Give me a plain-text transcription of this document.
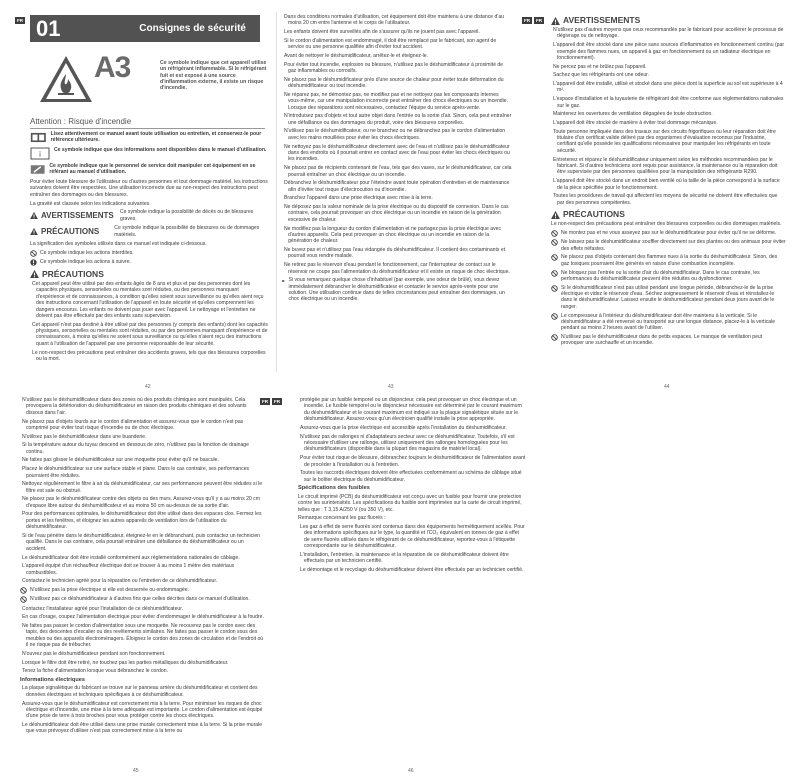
FR 01	Consignes de sécurité
A3	Ce symbole indique que cet appareil utilise un réfrigérant inflammable. Si le réfrigérant fuit et est exposé à une source d'inflammation externe, il existe un risque d'incendie.
Attention : Risque d'incendie
Lisez attentivement ce manuel avant toute utilisation ou entretien, et conservez-le pour référence ultérieure.
i	Ce symbole indique que des informations sont disponibles dans le manuel d'utilisation.
Ce symbole indique que le personnel de service doit manipuler cet équipement en se référant au manuel d'utilisation.

Pour éviter toute blessure de l'utilisateur ou d'autres personnes et tout dommage matériel, les instructions suivantes doivent être respectées. Une utilisation incorrecte due au non-respect des instructions peut entraîner des dommages ou des blessures.

La gravité est classée selon les indications suivantes.

AVERTISSEMENTS Ce symbole indique la possibilité de décès ou de blessures graves.
PRÉCAUTIONS	Ce symbole indique la possibilité de blessures ou de dommages matériels.

La signification des symboles utilisés dans ce manuel est indiquée ci-dessous.

Ce symbole indique les actions interdites.
Ce symbole indique les actions à suivre.
PRÉCAUTIONS

Cet appareil peut être utilisé par des enfants âgés de 8 ans et plus et par des personnes dont les capacités physiques, sensorielles ou mentales sont réduites, ou des personnes manquant d'expérience et de connaissances, à condition qu'elles soient sous surveillance ou qu'elles aient reçu des instructions concernant l'utilisation de l'appareil en toute sécurité et qu'elles comprennent les dangers encourus. Les enfants ne doivent pas jouer avec l'appareil. Le nettoyage et l'entretien ne doivent pas être effectués par des enfants sans supervision.

Cet appareil n'est pas destiné à être utilisé par des personnes (y compris des enfants) dont les capacités physiques, sensorielles ou mentales sont réduites, ou par des personnes manquant d'expérience et de connaissances, à moins qu'elles ne soient sous surveillance ou qu'elles n'aient reçu des instructions quant à l'utilisation de l'appareil par une personne responsable de leur sécurité.

Le non-respect des précautions peut entraîner des accidents graves, tels que des blessures corporelles ou la mort.

42

Dans des conditions normales d'utilisation, cet équipement doit être maintenu à une distance d'au moins 20 cm entre l'antenne et le corps de l'utilisateur.

Les enfants doivent être surveillés afin de s'assurer qu'ils ne jouent pas avec l'appareil.

Si le cordon d'alimentation est endommagé, il doit être remplacé par le fabricant, son agent de service ou une personne qualifiée afin d'éviter tout accident.

Avant de nettoyer le déshumidificateur, arrêtez-le et éteignez-le.

Pour éviter tout incendie, explosion ou blessure, n'utilisez pas le déshumidificateur à proximité de gaz inflammables ou corrosifs.

Ne placez pas le déshumidificateur près d'une source de chaleur pour éviter toute déformation du déshumidificateur ou tout incendie.

Ne réparez pas, ne démontez pas, ne modifiez pas et ne nettoyez pas les composants internes vous-même, car une manipulation incorrecte peut entraîner des chocs électriques ou un incendie. Lorsque des réparations sont nécessaires, contactez l'équipe du service après-vente.

N'introduisez pas d'objets et tout autre objet dans l'entrée ou la sortie d'air. Sinon, cela peut entraîner une défaillance ou des dommages du produit, voire des blessures corporelles.

N'utilisez pas le déshumidificateur, ou ne branchez ou ne débranchez pas le cordon d'alimentation avec les mains mouillées pour éviter les chocs électriques.

Ne nettoyez pas le déshumidificateur directement avec de l'eau et n'utilisez pas le déshumidificateur dans des endroits où il pourrait entrer en contact avec de l'eau pour éviter les chocs électriques ou les incendies.

Ne placez pas de récipients contenant de l'eau, tels que des vases, sur le déshumidificateur, car cela pourrait entraîner un choc électrique ou un incendie.

Débranchez le déshumidificateur pour l'éteindre avant toute opération d'entretien et de maintenance afin d'éviter tout risque d'électrocution ou d'incendie.

Branchez l'appareil dans une prise électrique avec mise à la terre.

Ne déposez pas la valeur nominale de la prise électrique ou du dispositif de connexion. Dans le cas contraire, cela pourrait provoquer un choc électrique ou un incendie en raison de la génération excessive de chaleur.

Ne modifiez pas la longueur du cordon d'alimentation et ne partagez pas la prise électrique avec d'autres appareils. Cela peut provoquer un choc électrique ou un incendie en raison de la génération de chaleur.

Ne buvez pas et n'utilisez pas l'eau vidangée du déshumidificateur. Il contient des contaminants et pourrait vous rendre malade.

Ne retirez pas le réservoir d'eau pendant le fonctionnement, car l'interrupteur de contact sur le réservoir ne coupe pas l'alimentation du déshumidificateur et il existe un risque de choc électrique.

Si vous remarquez quelque chose d'inhabituel (par exemple, une odeur de brûlé), vous devez immédiatement débrancher le déshumidificateur et contacter le service après-vente pour une solution. Une utilisation continue dans de telles circonstances peut entraîner des dommages, un choc électrique ou un incendie.
43
FR	FR AVERTISSEMENTS

N'utilisez pas d'autres moyens que ceux recommandés par le fabricant pour accélérer le processus de dégivrage ou de nettoyage.

L'appareil doit être stocké dans une pièce sans sources d'inflammation en fonctionnement continu (par exemple des flammes nues, un appareil à gaz en fonctionnement ou un radiateur électrique en fonctionnement).

Ne percez pas et ne brûlez pas l'appareil.

Sachez que les réfrigérants ont une odeur.

L'appareil doit être installé, utilisé et stocké dans une pièce dont la superficie au sol est supérieure à 4 m².

L'espace d'installation et la tuyauterie de réfrigérant doit être conforme aux réglementations nationales sur le gaz.

Maintenez les ouvertures de ventilation dégagées de toute obstruction.

L'appareil doit être stocké de manière à éviter tout dommage mécanique.

Toute personne impliquée dans des travaux sur des circuits frigorifiques ou leur réparation doit être titulaire d'un certificat valide délivré par des organismes d'évaluation reconnus par l'industrie, certifiant qu'elle possède les qualifications nécessaires pour manipuler les réfrigérants en toute sécurité.

Entretenez et réparez le déshumidificateur uniquement selon les méthodes recommandées par le fabricant. Si d'autres techniciens sont requis pour assistance, la maintenance ou la réparation doit être supervisée par des personnes qualifiées pour la manipulation des réfrigérants R290.

L'appareil doit être stocké dans un endroit bien ventilé où la taille de la pièce correspond à la surface de la pièce spécifiée pour le fonctionnement.

Toutes les procédures de travail qui affectent les moyens de sécurité ne doivent être effectuées que par des personnes compétentes.

PRÉCAUTIONS

Le non-respect des précautions peut entraîner des blessures corporelles ou des dommages matériels.

Ne montez pas et ne vous asseyez pas sur le déshumidificateur pour éviter qu'il ne se déforme.

Ne laissez pas le déshumidificateur souffler directement sur des plantes ou des animaux pour éviter des effets néfastes.

Ne placez pas d'objets contenant des flammes nues à la sortie du déshumidificateur. Sinon, des gaz toxiques pourraient être générés en raison d'une combustion incomplète.

Ne bloquez pas l'entrée ou la sortie d'air du déshumidificateur. Dans le cas contraire, les performances du déshumidificateur peuvent être réduites ou dysfonctionner.

Si le déshumidificateur n'est pas utilisé pendant une longue période, débranchez-le de la prise électrique et videz le réservoir d'eau. Séchez soigneusement le réservoir d'eau et réinstallez-le dans le déshumidificateur. Laissez ensuite le déshumidificateur pendant deux jours avant de le ranger.

Le compresseur à l'intérieur du déshumidificateur doit être maintenu à la verticale. Si le déshumidificateur a été renversé ou transporté sur une longue distance, placez-le à la verticale pendant au moins 2 heures avant de l'utiliser.

N'utilisez pas le déshumidificateur dans de petits espaces. Le manque de ventilation peut provoquer une surchauffe et un incendie.

44

N'utilisez pas le déshumidificateur dans des zones où des produits chimiques sont manipulés. Cela provoquera la détérioration du déshumidificateur en raison des produits chimiques et des solvants dissous dans l'air.

Ne placez pas d'objets lourds sur le cordon d'alimentation et assurez-vous que le cordon n'est pas comprimé pour éviter tout risque d'incendie ou de choc électrique.

N'utilisez pas le déshumidificateur dans une buanderie.

Si la température autour du tuyau descend en dessous de zéro, n'utilisez pas la fonction de drainage continu.

Ne faites pas glisser le déshumidificateur sur une moquette pour éviter qu'il ne bascule.

Placez le déshumidificateur sur une surface stable et plane. Dans le cas contraire, ses performances pourraient être réduites.

Nettoyez régulièrement le filtre à air du déshumidificateur, car ses performances peuvent être réduites si le filtre est sale ou obstrué.

Ne placez pas le déshumidificateur contre des objets ou des murs. Assurez-vous qu'il y a au moins 20 cm d'espace libre autour du déshumidificateur et au moins 50 cm au-dessus de sa sortie d'air.

Pour des performances optimales, le déshumidificateur doit être utilisé dans des espaces clos. Fermez les portes et les fenêtres, et éloignez les autres appareils de ventilation lors de l'utilisation du déshumidificateur.

Si de l'eau pénètre dans le déshumidificateur, éteignez-le en le débranchant, puis contactez un technicien qualifié. Dans le cas contraire, cela pourrait entraîner une défaillance du déshumidificateur ou un accident.

Le déshumidificateur doit être installé conformément aux réglementations nationales de câblage.

L'appareil équipé d'un réchauffeur électrique doit se trouver à au moins 1 mètre des matériaux combustibles.

Contactez le technicien agréé pour la réparation ou l'entretien de ce déshumidificateur.

N'utilisez pas la prise électrique si elle est desserrée ou endommagée.

N'utilisez pas ce déshumidificateur à d'autres fins que celles décrites dans ce manuel d'utilisation.

Contactez l'installateur agréé pour l'installation de ce déshumidificateur.

En cas d'orage, coupez l'alimentation électrique pour éviter d'endommager le déshumidificateur à la foudre.

Ne faites pas passer le cordon d'alimentation sous une moquette. Ne recouvrez pas le cordon avec des tapis, des descentes d'escalier ou des revêtements similaires. Ne faites pas passer le cordon sous des meubles ou des appareils électroménagers. Éloignez le cordon des zones de circulation et de l'endroit où il ne risque pas de trébucher.

N'ouvrez pas le déshumidificateur pendant son fonctionnement.

Lorsque le filtre doit être retiré, ne touchez pas les parties métalliques du déshumidificateur.

Tenez la fiche d'alimentation lorsque vous débranchez le cordon.

Informations électriques

La plaque signalétique du fabricant se trouve sur le panneau arrière du déshumidificateur et contient des données électriques et techniques spécifiques à ce déshumidificateur.

Assurez-vous que le déshumidificateur est correctement mis à la terre. Pour minimiser les risques de choc électrique et d'incendie, une mise à la terre adéquate est importante. Le cordon d'alimentation est équipé d'une prise de terre à trois broches pour vous protéger contre les chocs électriques.

Le déshumidificateur doit être utilisé dans une prise murale correctement mise à la terre. Si la prise murale que vous prévoyez d'utiliser n'est pas correctement mise à la terre ou

45
FR	FR	protégée par un fusible temporel ou un disjoncteur, cela peut provoquer un choc électrique et un incendie. Le fusible temporel ou le disjoncteur nécessaire est déterminé par le courant maximum du déshumidificateur et le courant maximum est indiqué sur la plaque signalétique située sur le déshumidificateur. Assurez-vous qu'un électricien qualifié installe la prise appropriée.

Assurez-vous que la prise électrique est accessible après l'installation du déshumidificateur.

N'utilisez pas de rallonges ni d'adaptateurs secteur avec ce déshumidificateur. Toutefois, s'il est nécessaire d'utiliser une rallonge, utilisez uniquement des rallonges homologuées pour les déshumidificateurs (disponible dans la plupart des magasins de matériel local).

Pour éviter tout risque de blessure, débranchez toujours le déshumidificateur de l'alimentation avant de procéder à l'installation ou à l'entretien.

Toutes les raccords électriques doivent être effectuées conformément au schéma de câblage situé sur le boîtier électrique du déshumidificateur.

Spécifications des fusibles

Le circuit imprimé (PCB) du déshumidificateur est conçu avec un fusible pour fournir une protection contre les surintensités. Les spécifications du fusible sont imprimées sur la carte de circuit imprimé, telles que : T 3,15 A/250 V (ou 350 V), etc.

Remarque concernant les gaz fluorés :

Les gaz à effet de serre fluorés sont contenus dans des équipements hermétiquement scellés. Pour des informations spécifiques sur le type, la quantité et l'CO₂ équivalent en tonnes de gaz à effet de serre fluorés utilisés dans le réfrigérant de ce déshumidificateur, reportez-vous à l'étiquette correspondante sur le déshumidificateur.

L'installation, l'entretien, la maintenance et la réparation de ce déshumidificateur doivent être effectués par un technicien certifié.

Le démontage et le recyclage du déshumidificateur doivent être effectués par un technicien certifié.

46
